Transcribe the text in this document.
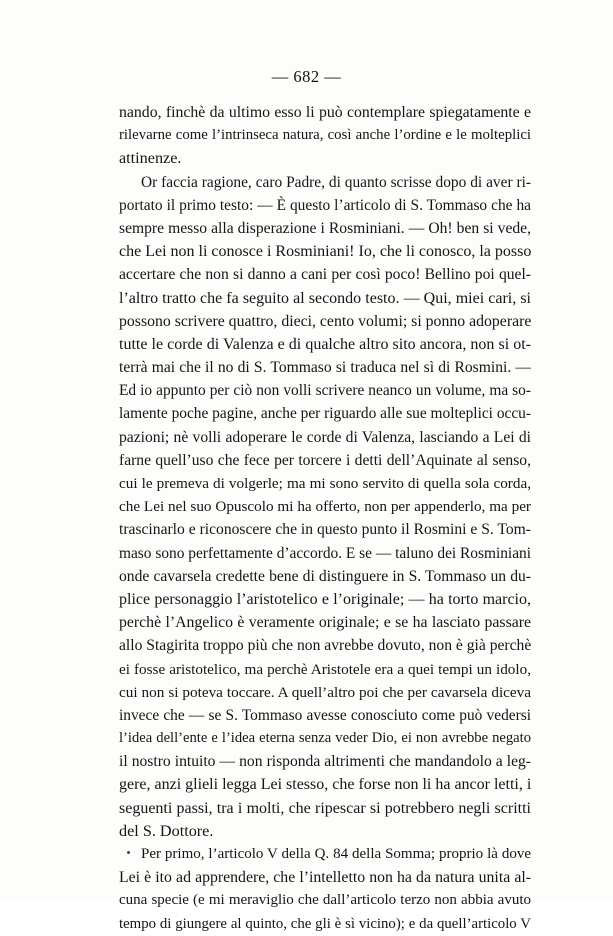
— 682 —
nando, finchè da ultimo esso li può contemplare spiegatamente e
rilevarne come l’intrinseca natura, così anche l’ordine e le molteplici
attinenze.
Or faccia ragione, caro Padre, di quanto scrisse dopo di aver ri-
portato il primo testo: — È questo l’articolo di S. Tommaso che ha
sempre messo alla disperazione i Rosminiani. — Oh! ben si vede,
che Lei non li conosce i Rosminiani! Io, che li conosco, la posso
accertare che non si danno a cani per così poco! Bellino poi quel-
l’altro tratto che fa seguito al secondo testo. — Qui, miei cari, si
possono scrivere quattro, dieci, cento volumi; si ponno adoperare
tutte le corde di Valenza e di qualche altro sito ancora, non si ot-
terrà mai che il no di S. Tommaso si traduca nel sì di Rosmini. —
Ed io appunto per ciò non volli scrivere neanco un volume, ma so-
lamente poche pagine, anche per riguardo alle sue molteplici occu-
pazioni; nè volli adoperare le corde di Valenza, lasciando a Lei di
farne quell’uso che fece per torcere i detti dell’Aquinate al senso,
cui le premeva di volgerle; ma mi sono servito di quella sola corda,
che Lei nel suo Opuscolo mi ha offerto, non per appenderlo, ma per
trascinarlo e riconoscere che in questo punto il Rosmini e S. Tom-
maso sono perfettamente d’accordo. E se — taluno dei Rosminiani
onde cavarsela credette bene di distinguere in S. Tommaso un du-
plice personaggio l’aristotelico e l’originale; — ha torto marcio,
perchè l’Angelico è veramente originale; e se ha lasciato passare
allo Stagirita troppo più che non avrebbe dovuto, non è già perchè
ei fosse aristotelico, ma perchè Aristotele era a quei tempi un idolo,
cui non si poteva toccare. A quell’altro poi che per cavarsela diceva
invece che — se S. Tommaso avesse conosciuto come può vedersi
l’idea dell’ente e l’idea eterna senza veder Dio, ei non avrebbe negato
il nostro intuito — non risponda altrimenti che mandandolo a leg-
gere, anzi glieli legga Lei stesso, che forse non li ha ancor letti, i
seguenti passi, tra i molti, che ripescar si potrebbero negli scritti
del S. Dottore.
Per primo, l’articolo V della Q. 84 della Somma; proprio là dove
Lei è ito ad apprendere, che l’intelletto non ha da natura unita al-
cuna specie (e mi meraviglio che dall’articolo terzo non abbia avuto
tempo di giungere al quinto, che gli è sì vicino); e da quell’articolo V
